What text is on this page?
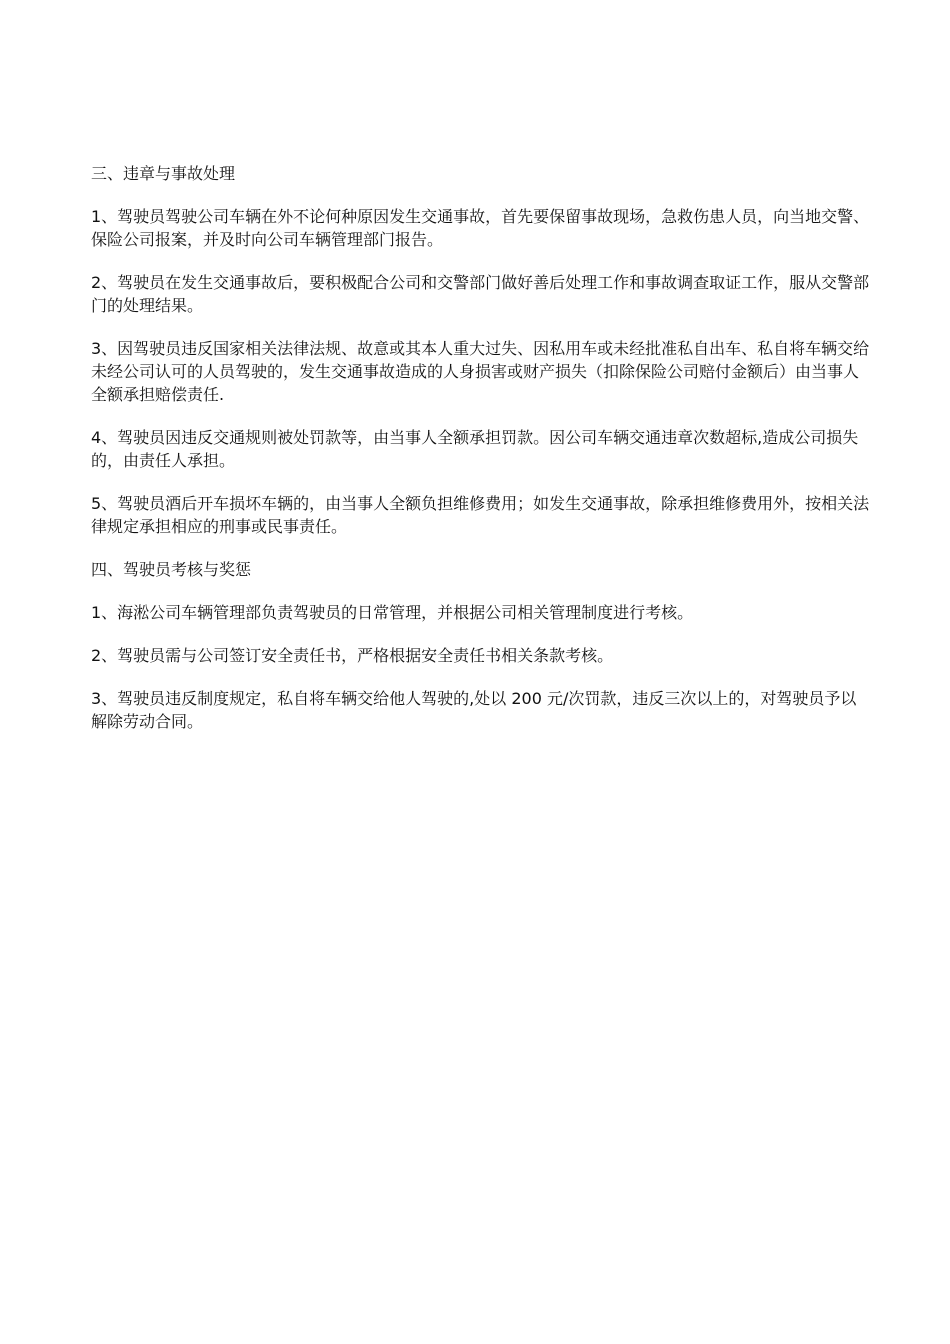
三、违章与事故处理

1、驾驶员驾驶公司车辆在外不论何种原因发生交通事故，首先要保留事故现场，急救伤患人员，向当地交警、保险公司报案，并及时向公司车辆管理部门报告。

2、驾驶员在发生交通事故后，要积极配合公司和交警部门做好善后处理工作和事故调查取证工作，服从交警部门的处理结果。

3、因驾驶员违反国家相关法律法规、故意或其本人重大过失、因私用车或未经批准私自出车、私自将车辆交给未经公司认可的人员驾驶的，发生交通事故造成的人身损害或财产损失（扣除保险公司赔付金额后）由当事人全额承担赔偿责任.

4、驾驶员因违反交通规则被处罚款等，由当事人全额承担罚款。因公司车辆交通违章次数超标,造成公司损失的，由责任人承担。

5、驾驶员酒后开车损坏车辆的，由当事人全额负担维修费用；如发生交通事故，除承担维修费用外，按相关法律规定承担相应的刑事或民事责任。

四、驾驶员考核与奖惩

1、海淞公司车辆管理部负责驾驶员的日常管理，并根据公司相关管理制度进行考核。

2、驾驶员需与公司签订安全责任书，严格根据安全责任书相关条款考核。

3、驾驶员违反制度规定，私自将车辆交给他人驾驶的,处以 200 元/次罚款，违反三次以上的，对驾驶员予以解除劳动合同。
